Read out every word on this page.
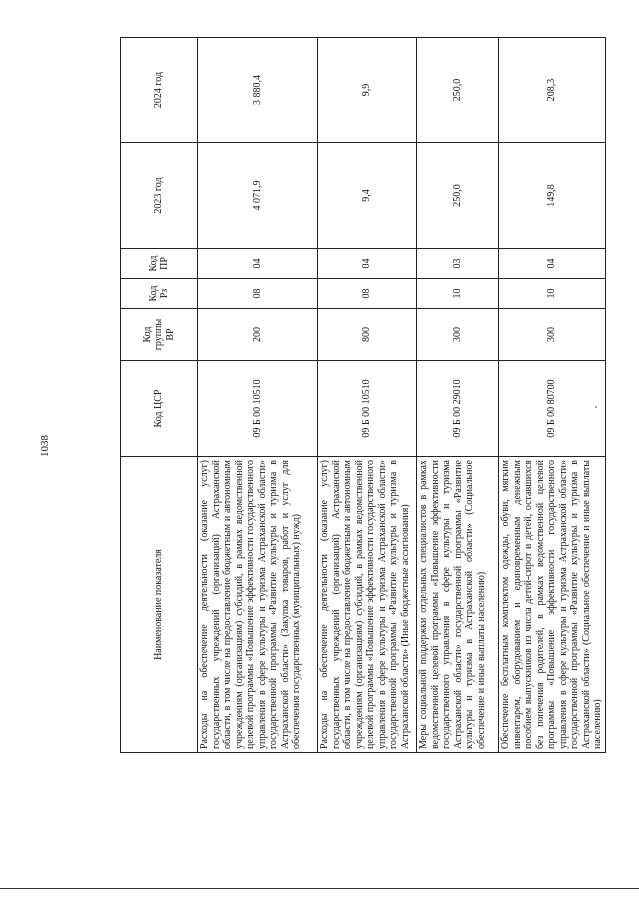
1038
Наименование показателя	Код ЦСР	Код группы ВР	Код Рз	Код ПР	2023 год	2024 год
Расходы на обеспечение деятельности (оказание услуг) государственных учреждений (организаций) Астраханской области, в том числе на предоставление бюджетным и автономным учреждениям (организациям) субсидий, в рамках ведомственной целевой программы «Повышение эффективности государственного управления в сфере культуры и туризма Астраханской области» государственной программы «Развитие культуры и туризма в Астраханской области» (Закупка товаров, работ и услуг для обеспечения государственных (муниципальных) нужд)	09 Б 00 10510	200	08	04	4 071,9	3 880,4
Расходы на обеспечение деятельности (оказание услуг) государственных учреждений (организаций) Астраханской области, в том числе на предоставление бюджетным и автономным учреждениям (организациям) субсидий, в рамках ведомственной целевой программы «Повышение эффективности государственного управления в сфере культуры и туризма Астраханской области» государственной программы «Развитие культуры и туризма в Астраханской области» (Иные бюджетные ассигнования)	09 Б 00 10510	800	08	04	9,4	9,9
Меры социальной поддержки отдельных специалистов в рамках ведомственной целевой программы «Повышение эффективности государственного управления в сфере культуры и туризма Астраханской области» государственной программы «Развитие культуры и туризма в Астраханской области» (Социальное обеспечение и иные выплаты населению)	09 Б 00 29010	300	10	03	250,0	250,0
Обеспечение бесплатным комплектом одежды, обуви, мягким инвентарем, оборудованием и единовременным денежным пособием выпускников из числа детей-сирот и детей, оставшихся без попечения родителей, в рамках ведомственной целевой программы «Повышение эффективности государственного управления в сфере культуры и туризма Астраханской области» государственной программы «Развитие культуры и туризма в Астраханской области» (Социальное обеспечение и иные выплаты населению)	09 Б 00 80700	300	10	04	149,8	208,3
